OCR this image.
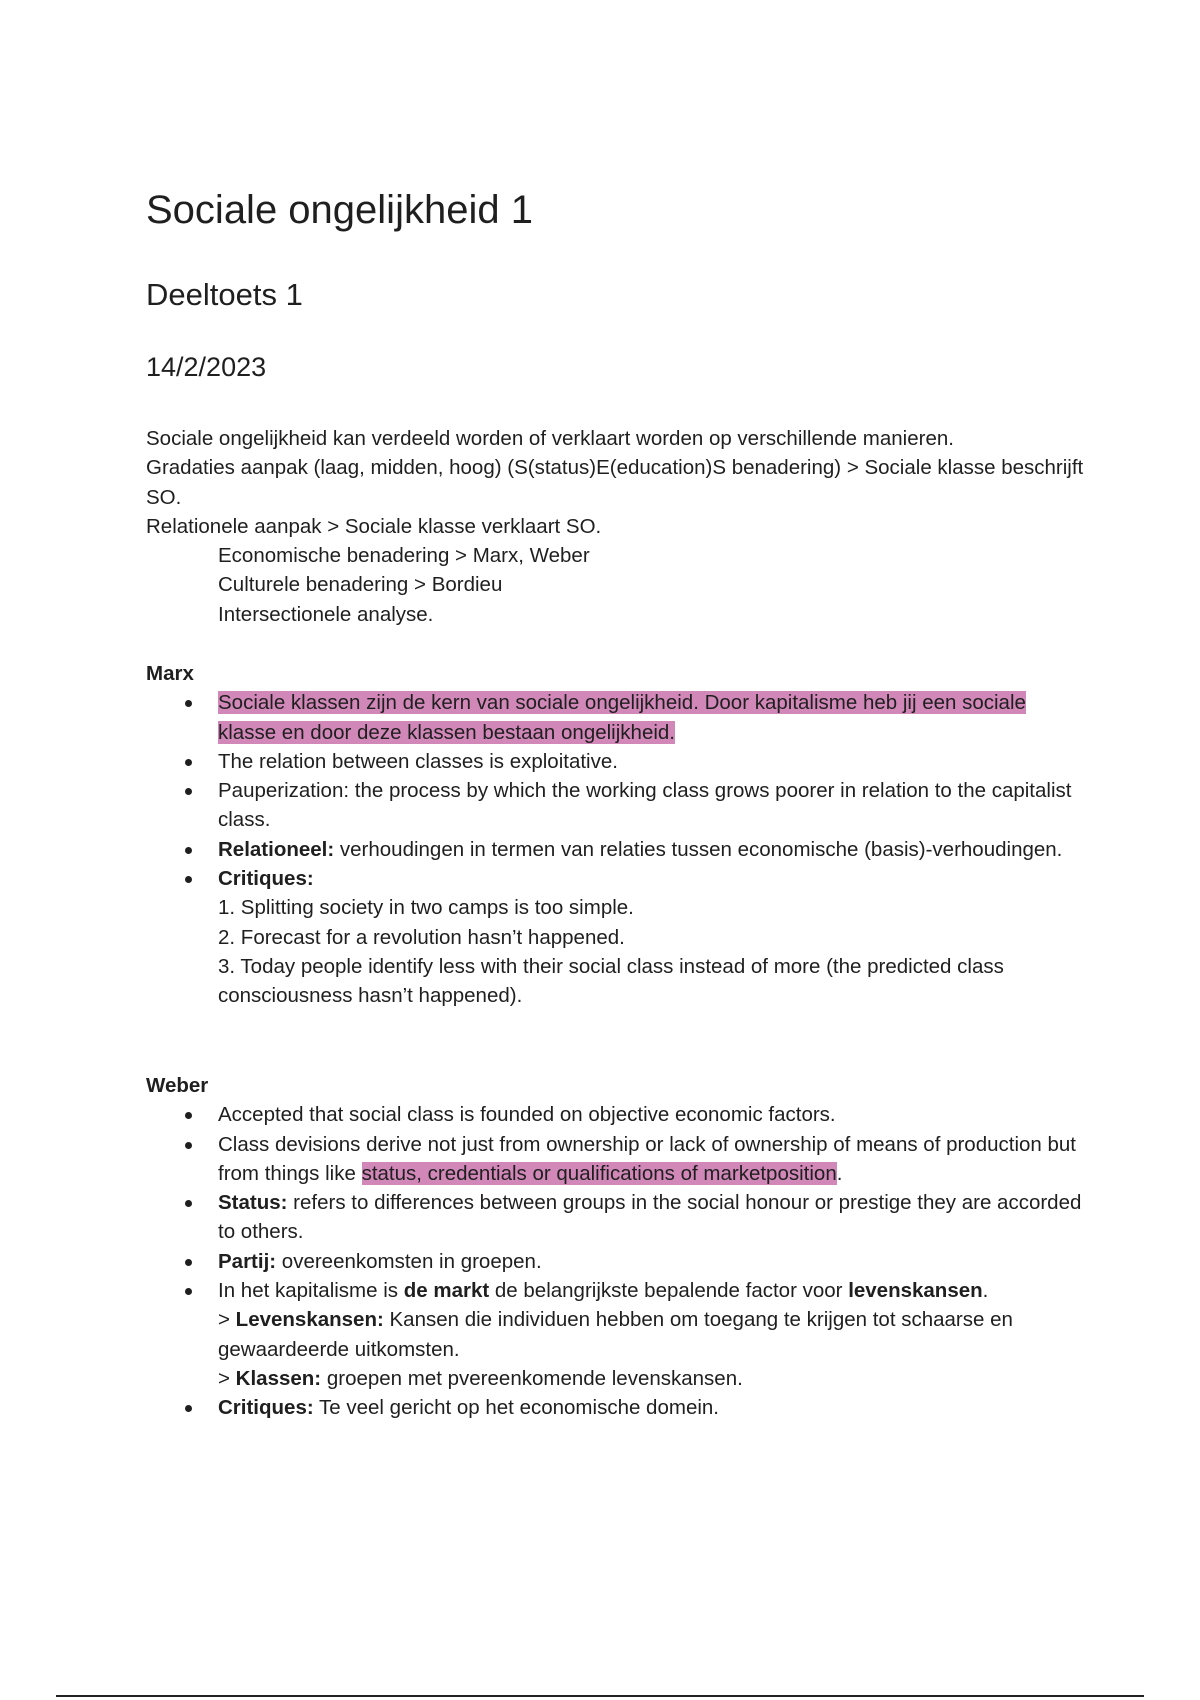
Sociale ongelijkheid 1
Deeltoets 1
14/2/2023

Sociale ongelijkheid kan verdeeld worden of verklaart worden op verschillende manieren.

Gradaties aanpak (laag, midden, hoog) (S(status)E(education)S benadering) > Sociale klasse beschrijft SO.

Relationele aanpak > Sociale klasse verklaart SO.

Economische benadering > Marx, Weber

Culturele benadering > Bordieu

Intersectionele analyse.

Marx

Sociale klassen zijn de kern van sociale ongelijkheid. Door kapitalisme heb jij een sociale klasse en door deze klassen bestaan ongelijkheid.
The relation between classes is exploitative.
Pauperization: the process by which the working class grows poorer in relation to the capitalist class.
Relationeel: verhoudingen in termen van relaties tussen economische (basis)-verhoudingen.
Critiques:
1. Splitting society in two camps is too simple.
2. Forecast for a revolution hasn’t happened.
3. Today people identify less with their social class instead of more (the predicted class consciousness hasn’t happened).

Weber

Accepted that social class is founded on objective economic factors.
Class devisions derive not just from ownership or lack of ownership of means of production but from things like status, credentials or qualifications of marketposition.
Status: refers to differences between groups in the social honour or prestige they are accorded to others.
Partij: overeenkomsten in groepen.
In het kapitalisme is de markt de belangrijkste bepalende factor voor levenskansen.
> Levenskansen: Kansen die individuen hebben om toegang te krijgen tot schaarse en gewaardeerde uitkomsten.
> Klassen: groepen met pvereenkomende levenskansen.
Critiques: Te veel gericht op het economische domein.
